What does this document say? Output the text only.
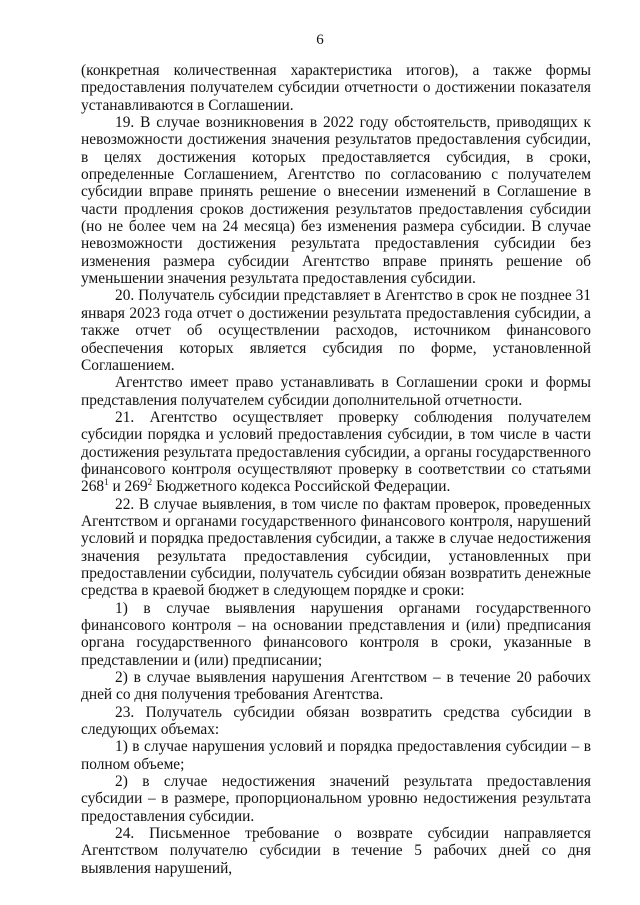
6

(конкретная количественная характеристика итогов), а также формы предоставления получателем субсидии отчетности о достижении показателя устанавливаются в Соглашении.

19. В случае возникновения в 2022 году обстоятельств, приводящих к невозможности достижения значения результатов предоставления субсидии, в целях достижения которых предоставляется субсидия, в сроки, определенные Соглашением, Агентство по согласованию с получателем субсидии вправе принять решение о внесении изменений в Соглашение в части продления сроков достижения результатов предоставления субсидии (но не более чем на 24 месяца) без изменения размера субсидии. В случае невозможности достижения результата предоставления субсидии без изменения размера субсидии Агентство вправе принять решение об уменьшении значения результата предоставления субсидии.

20. Получатель субсидии представляет в Агентство в срок не позднее 31 января 2023 года отчет о достижении результата предоставления субсидии, а также отчет об осуществлении расходов, источником финансового обеспечения которых является субсидия по форме, установленной Соглашением.

Агентство имеет право устанавливать в Соглашении сроки и формы представления получателем субсидии дополнительной отчетности.

21. Агентство осуществляет проверку соблюдения получателем субсидии порядка и условий предоставления субсидии, в том числе в части достижения результата предоставления субсидии, а органы государственного финансового контроля осуществляют проверку в соответствии со статьями $268^1$ и $269^2$ Бюджетного кодекса Российской Федерации.

22. В случае выявления, в том числе по фактам проверок, проведенных Агентством и органами государственного финансового контроля, нарушений условий и порядка предоставления субсидии, а также в случае недостижения значения результата предоставления субсидии, установленных при предоставлении субсидии, получатель субсидии обязан возвратить денежные средства в краевой бюджет в следующем порядке и сроки:

1) в случае выявления нарушения органами государственного финансового контроля – на основании представления и (или) предписания органа государственного финансового контроля в сроки, указанные в представлении и (или) предписании;

2) в случае выявления нарушения Агентством – в течение 20 рабочих дней со дня получения требования Агентства.

23. Получатель субсидии обязан возвратить средства субсидии в следующих объемах:

1) в случае нарушения условий и порядка предоставления субсидии – в полном объеме;

2) в случае недостижения значений результата предоставления субсидии – в размере, пропорциональном уровню недостижения результата предоставления субсидии.

24. Письменное требование о возврате субсидии направляется Агентством получателю субсидии в течение 5 рабочих дней со дня выявления нарушений,
